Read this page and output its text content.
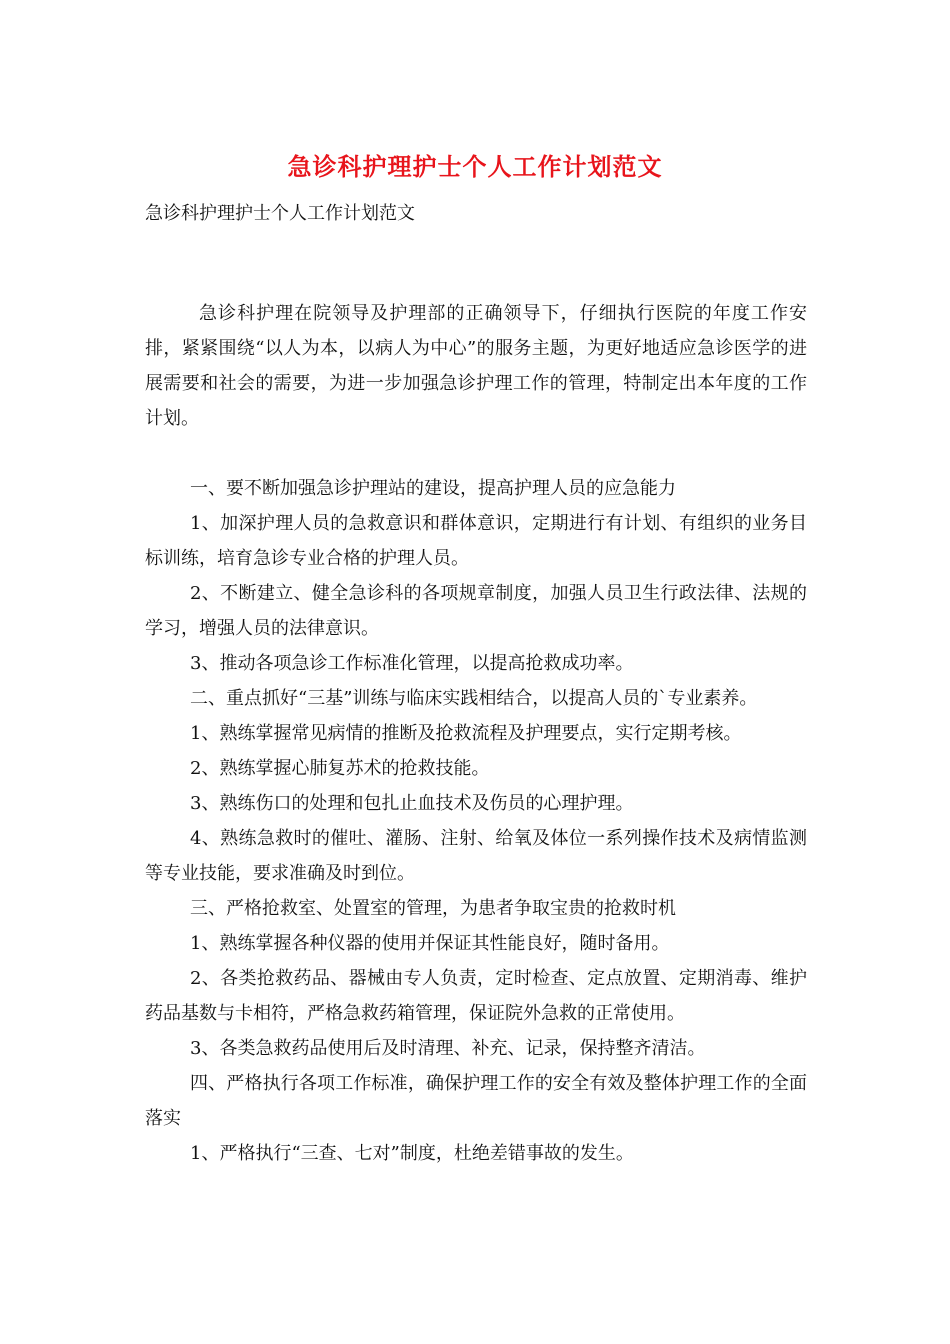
急诊科护理护士个人工作计划范文
急诊科护理护士个人工作计划范文

急诊科护理在院领导及护理部的正确领导下，仔细执行医院的年度工作安排，紧紧围绕“以人为本，以病人为中心”的服务主题，为更好地适应急诊医学的进展需要和社会的需要，为进一步加强急诊护理工作的管理，特制定出本年度的工作计划。

一、要不断加强急诊护理站的建设，提高护理人员的应急能力

1、加深护理人员的急救意识和群体意识，定期进行有计划、有组织的业务目标训练，培育急诊专业合格的护理人员。

2、不断建立、健全急诊科的各项规章制度，加强人员卫生行政法律、法规的学习，增强人员的法律意识。

3、推动各项急诊工作标准化管理，以提高抢救成功率。

二、重点抓好“三基”训练与临床实践相结合，以提高人员的`专业素养。

1、熟练掌握常见病情的推断及抢救流程及护理要点，实行定期考核。

2、熟练掌握心肺复苏术的抢救技能。

3、熟练伤口的处理和包扎止血技术及伤员的心理护理。

4、熟练急救时的催吐、灌肠、注射、给氧及体位一系列操作技术及病情监测等专业技能，要求准确及时到位。

三、严格抢救室、处置室的管理，为患者争取宝贵的抢救时机

1、熟练掌握各种仪器的使用并保证其性能良好，随时备用。

2、各类抢救药品、器械由专人负责，定时检查、定点放置、定期消毒、维护药品基数与卡相符，严格急救药箱管理，保证院外急救的正常使用。

3、各类急救药品使用后及时清理、补充、记录，保持整齐清洁。

四、严格执行各项工作标准，确保护理工作的安全有效及整体护理工作的全面落实

1、严格执行“三查、七对”制度，杜绝差错事故的发生。
